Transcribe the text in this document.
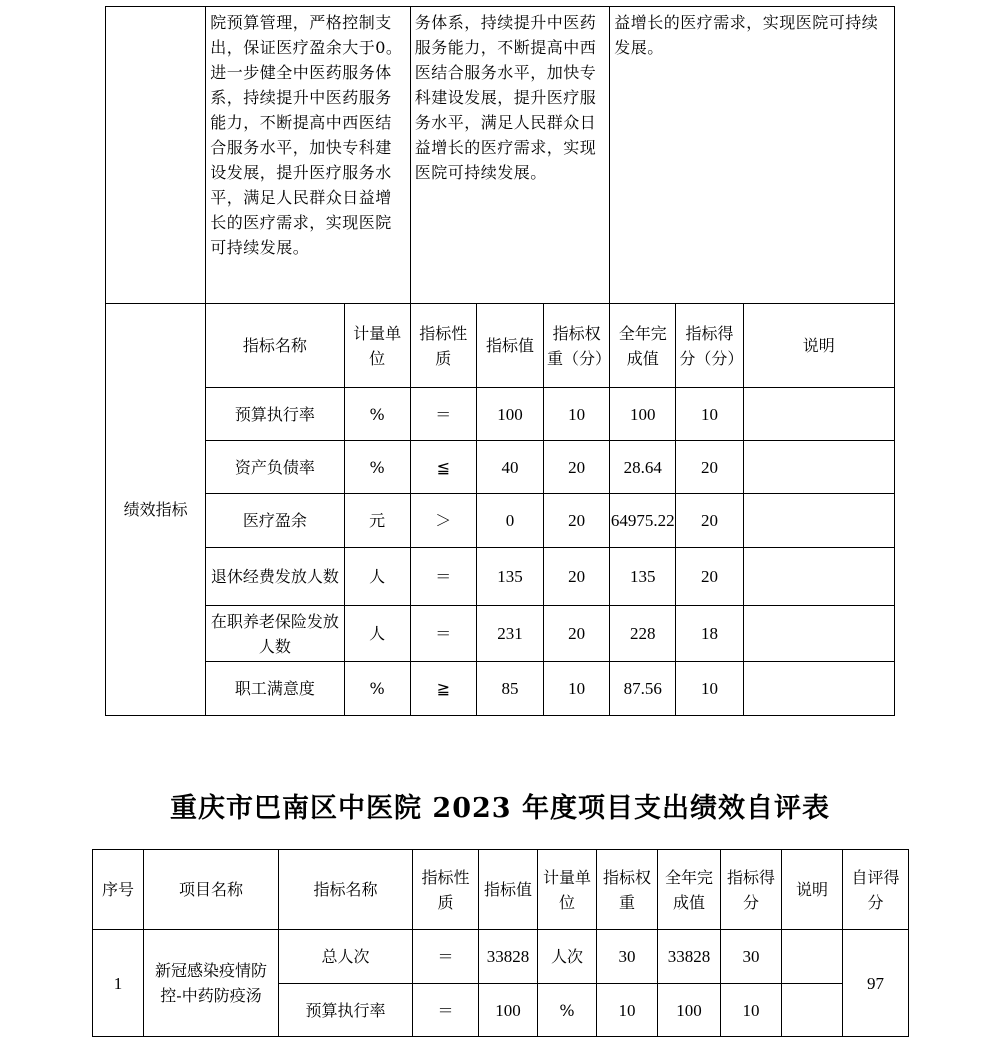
	院预算管理，严格控制支出，保证医疗盈余大于0。进一步健全中医药服务体系，持续提升中医药服务能力，不断提高中西医结合服务水平，加快专科建设发展，提升医疗服务水平，满足人民群众日益增长的医疗需求，实现医院可持续发展。		务体系，持续提升中医药服务能力，不断提高中西医结合服务水平，加快专科建设发展，提升医疗服务水平，满足人民群众日益增长的医疗需求，实现医院可持续发展。			益增长的医疗需求，实现医院可持续发展。		
绩效指标	指标名称	计量单位	指标性质	指标值	指标权重（分）	全年完成值	指标得分（分）	说明
	预算执行率	%	＝	100	10	100	10	
	资产负债率	%	≦	40	20	28.64	20	
	医疗盈余	元	＞	0	20	64975.22	20	
	退休经费发放人数	人	＝	135	20	135	20	
	在职养老保险发放人数	人	＝	231	20	228	18	
	职工满意度	%	≧	85	10	87.56	10	
重庆市巴南区中医院 2023 年度项目支出绩效自评表
序号	项目名称	指标名称	指标性质	指标值	计量单位	指标权重	全年完成值	指标得分	说明	自评得分
1	新冠感染疫情防控-中药防疫汤	总人次	＝	33828	人次	30	33828	30		97
		预算执行率	＝	100	%	10	100	10		
